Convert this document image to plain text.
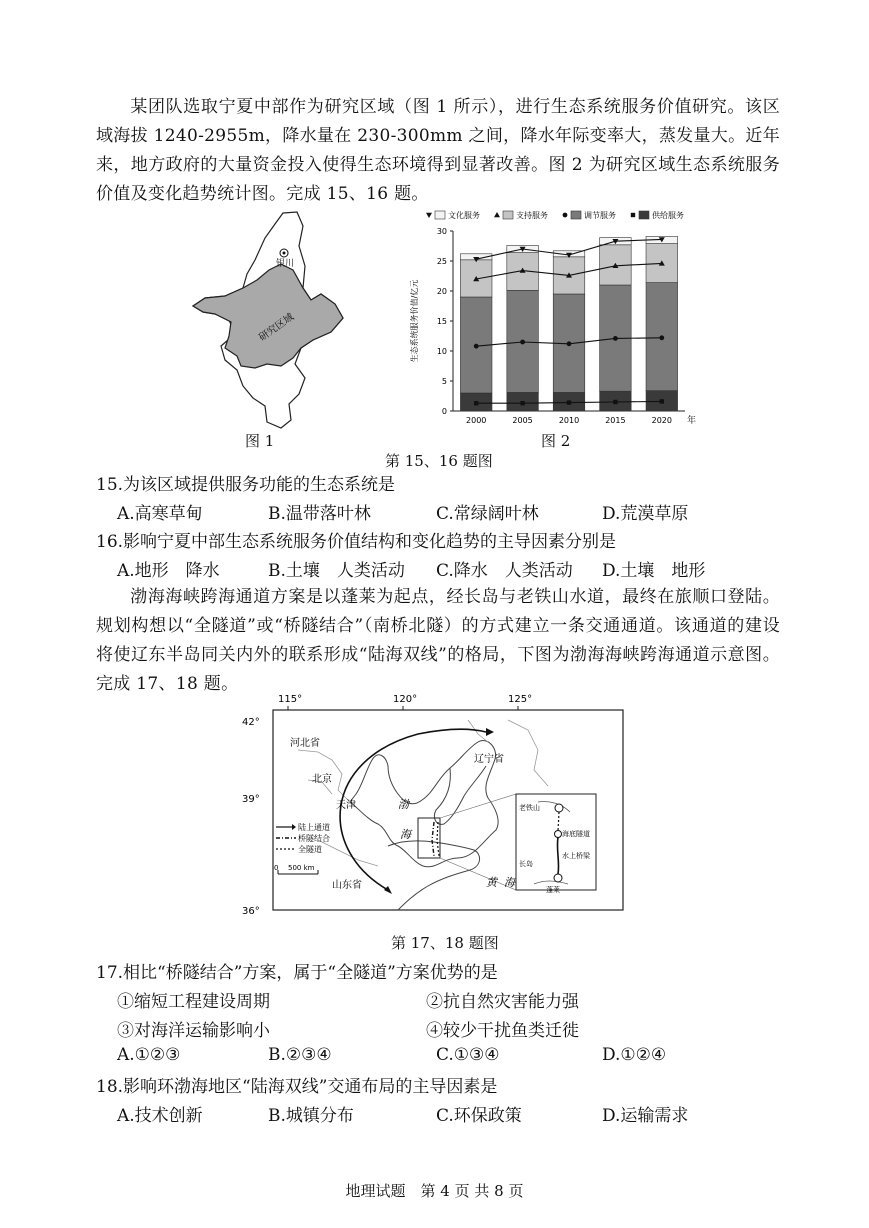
某团队选取宁夏中部作为研究区域（图 1 所示），进行生态系统服务价值研究。该区域海拔 1240-2955m，降水量在 230-300mm 之间，降水年际变率大，蒸发量大。近年来，地方政府的大量资金投入使得生态环境得到显著改善。图 2 为研究区域生态系统服务价值及变化趋势统计图。完成 15、16 题。
银川
研究区域
图 1
0
5
10
15
20
25
30
生态系统服务价值/亿元
2000	2005	2010	2015	2020 年
文化服务	支持服务	调节服务	供给服务
图 2
第 15、16 题图
15.为该区域提供服务功能的生态系统是
A.高寒草甸	B.温带落叶林	C.常绿阔叶林	D.荒漠草原
16.影响宁夏中部生态系统服务价值结构和变化趋势的主导因素分别是
A.地形　降水	B.土壤　人类活动 C.降水　人类活动 D.土壤　地形
渤海海峡跨海通道方案是以蓬莱为起点，经长岛与老铁山水道，最终在旅顺口登陆。规划构想以“全隧道”或“桥隧结合”（南桥北隧）的方式建立一条交通通道。该通道的建设将使辽东半岛同关内外的联系形成“陆海双线”的格局，下图为渤海海峡跨海通道示意图。完成 17、18 题。
115°	120°	125°
42°
39°
36°
河北省
北京
天津
辽宁省
山东省
渤
海
黄 海
陆上通道
桥隧结合
全隧道
0 500 km
老铁山
海底隧道
水上桥梁
长岛
蓬莱
第 17、18 题图
17.相比“桥隧结合”方案，属于“全隧道”方案优势的是
①缩短工程建设周期	②抗自然灾害能力强
③对海洋运输影响小	④较少干扰鱼类迁徙
A.①②③	B.②③④	C.①③④	D.①②④
18.影响环渤海地区“陆海双线”交通布局的主导因素是
A.技术创新	B.城镇分布	C.环保政策	D.运输需求
地理试题　第 4 页 共 8 页
